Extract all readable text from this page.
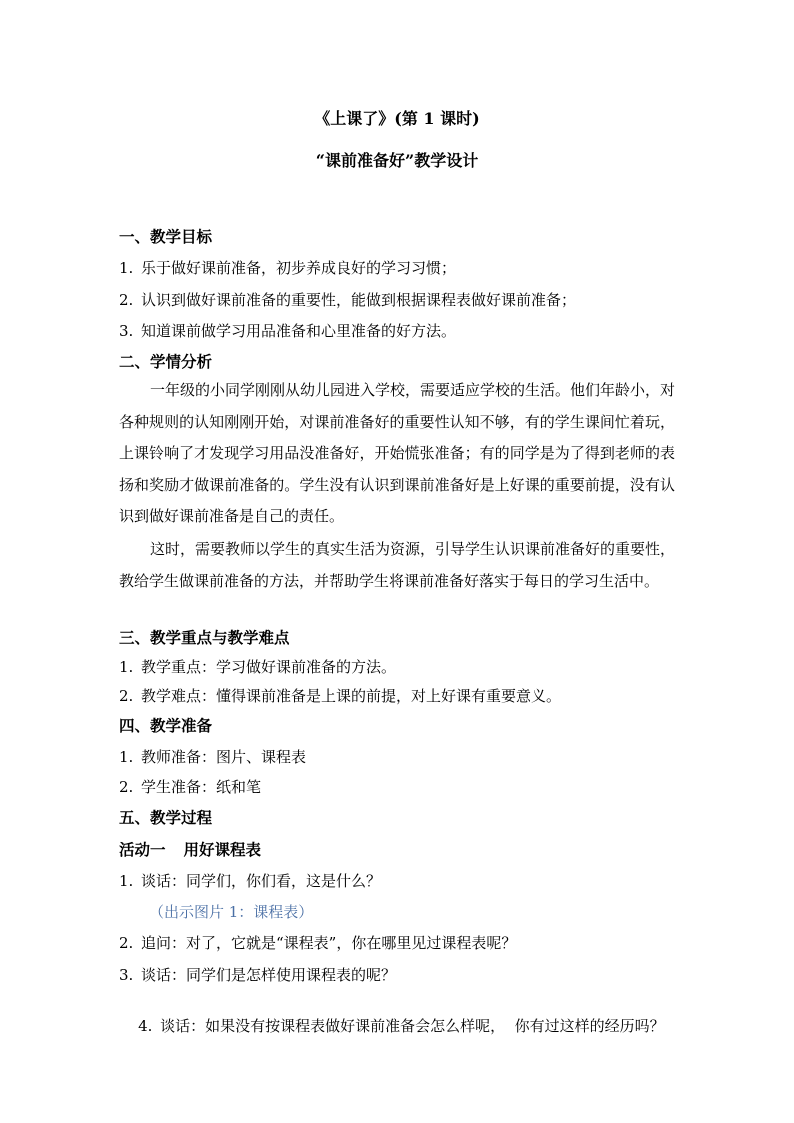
《上课了》(第 1 课时)
“课前准备好”教学设计
一、教学目标
1. 乐于做好课前准备，初步养成良好的学习习惯；
2. 认识到做好课前准备的重要性，能做到根据课程表做好课前准备；
3. 知道课前做学习用品准备和心里准备的好方法。
二、学情分析
一年级的小同学刚刚从幼儿园进入学校，需要适应学校的生活。他们年龄小，对各种规则的认知刚刚开始，对课前准备好的重要性认知不够，有的学生课间忙着玩，上课铃响了才发现学习用品没准备好，开始慌张准备；有的同学是为了得到老师的表扬和奖励才做课前准备的。学生没有认识到课前准备好是上好课的重要前提，没有认识到做好课前准备是自己的责任。
这时，需要教师以学生的真实生活为资源，引导学生认识课前准备好的重要性，教给学生做课前准备的方法，并帮助学生将课前准备好落实于每日的学习生活中。
三、教学重点与教学难点
1. 教学重点：学习做好课前准备的方法。
2. 教学难点：懂得课前准备是上课的前提，对上好课有重要意义。
四、教学准备
1. 教师准备：图片、课程表
2. 学生准备：纸和笔
五、教学过程
活动一 用好课程表
1. 谈话：同学们，你们看，这是什么？
（出示图片 1：课程表）
2. 追问：对了，它就是“课程表”，你在哪里见过课程表呢？
3. 谈话：同学们是怎样使用课程表的呢？

4. 谈话：如果没有按课程表做好课前准备会怎么样呢，  你有过这样的经历吗？
